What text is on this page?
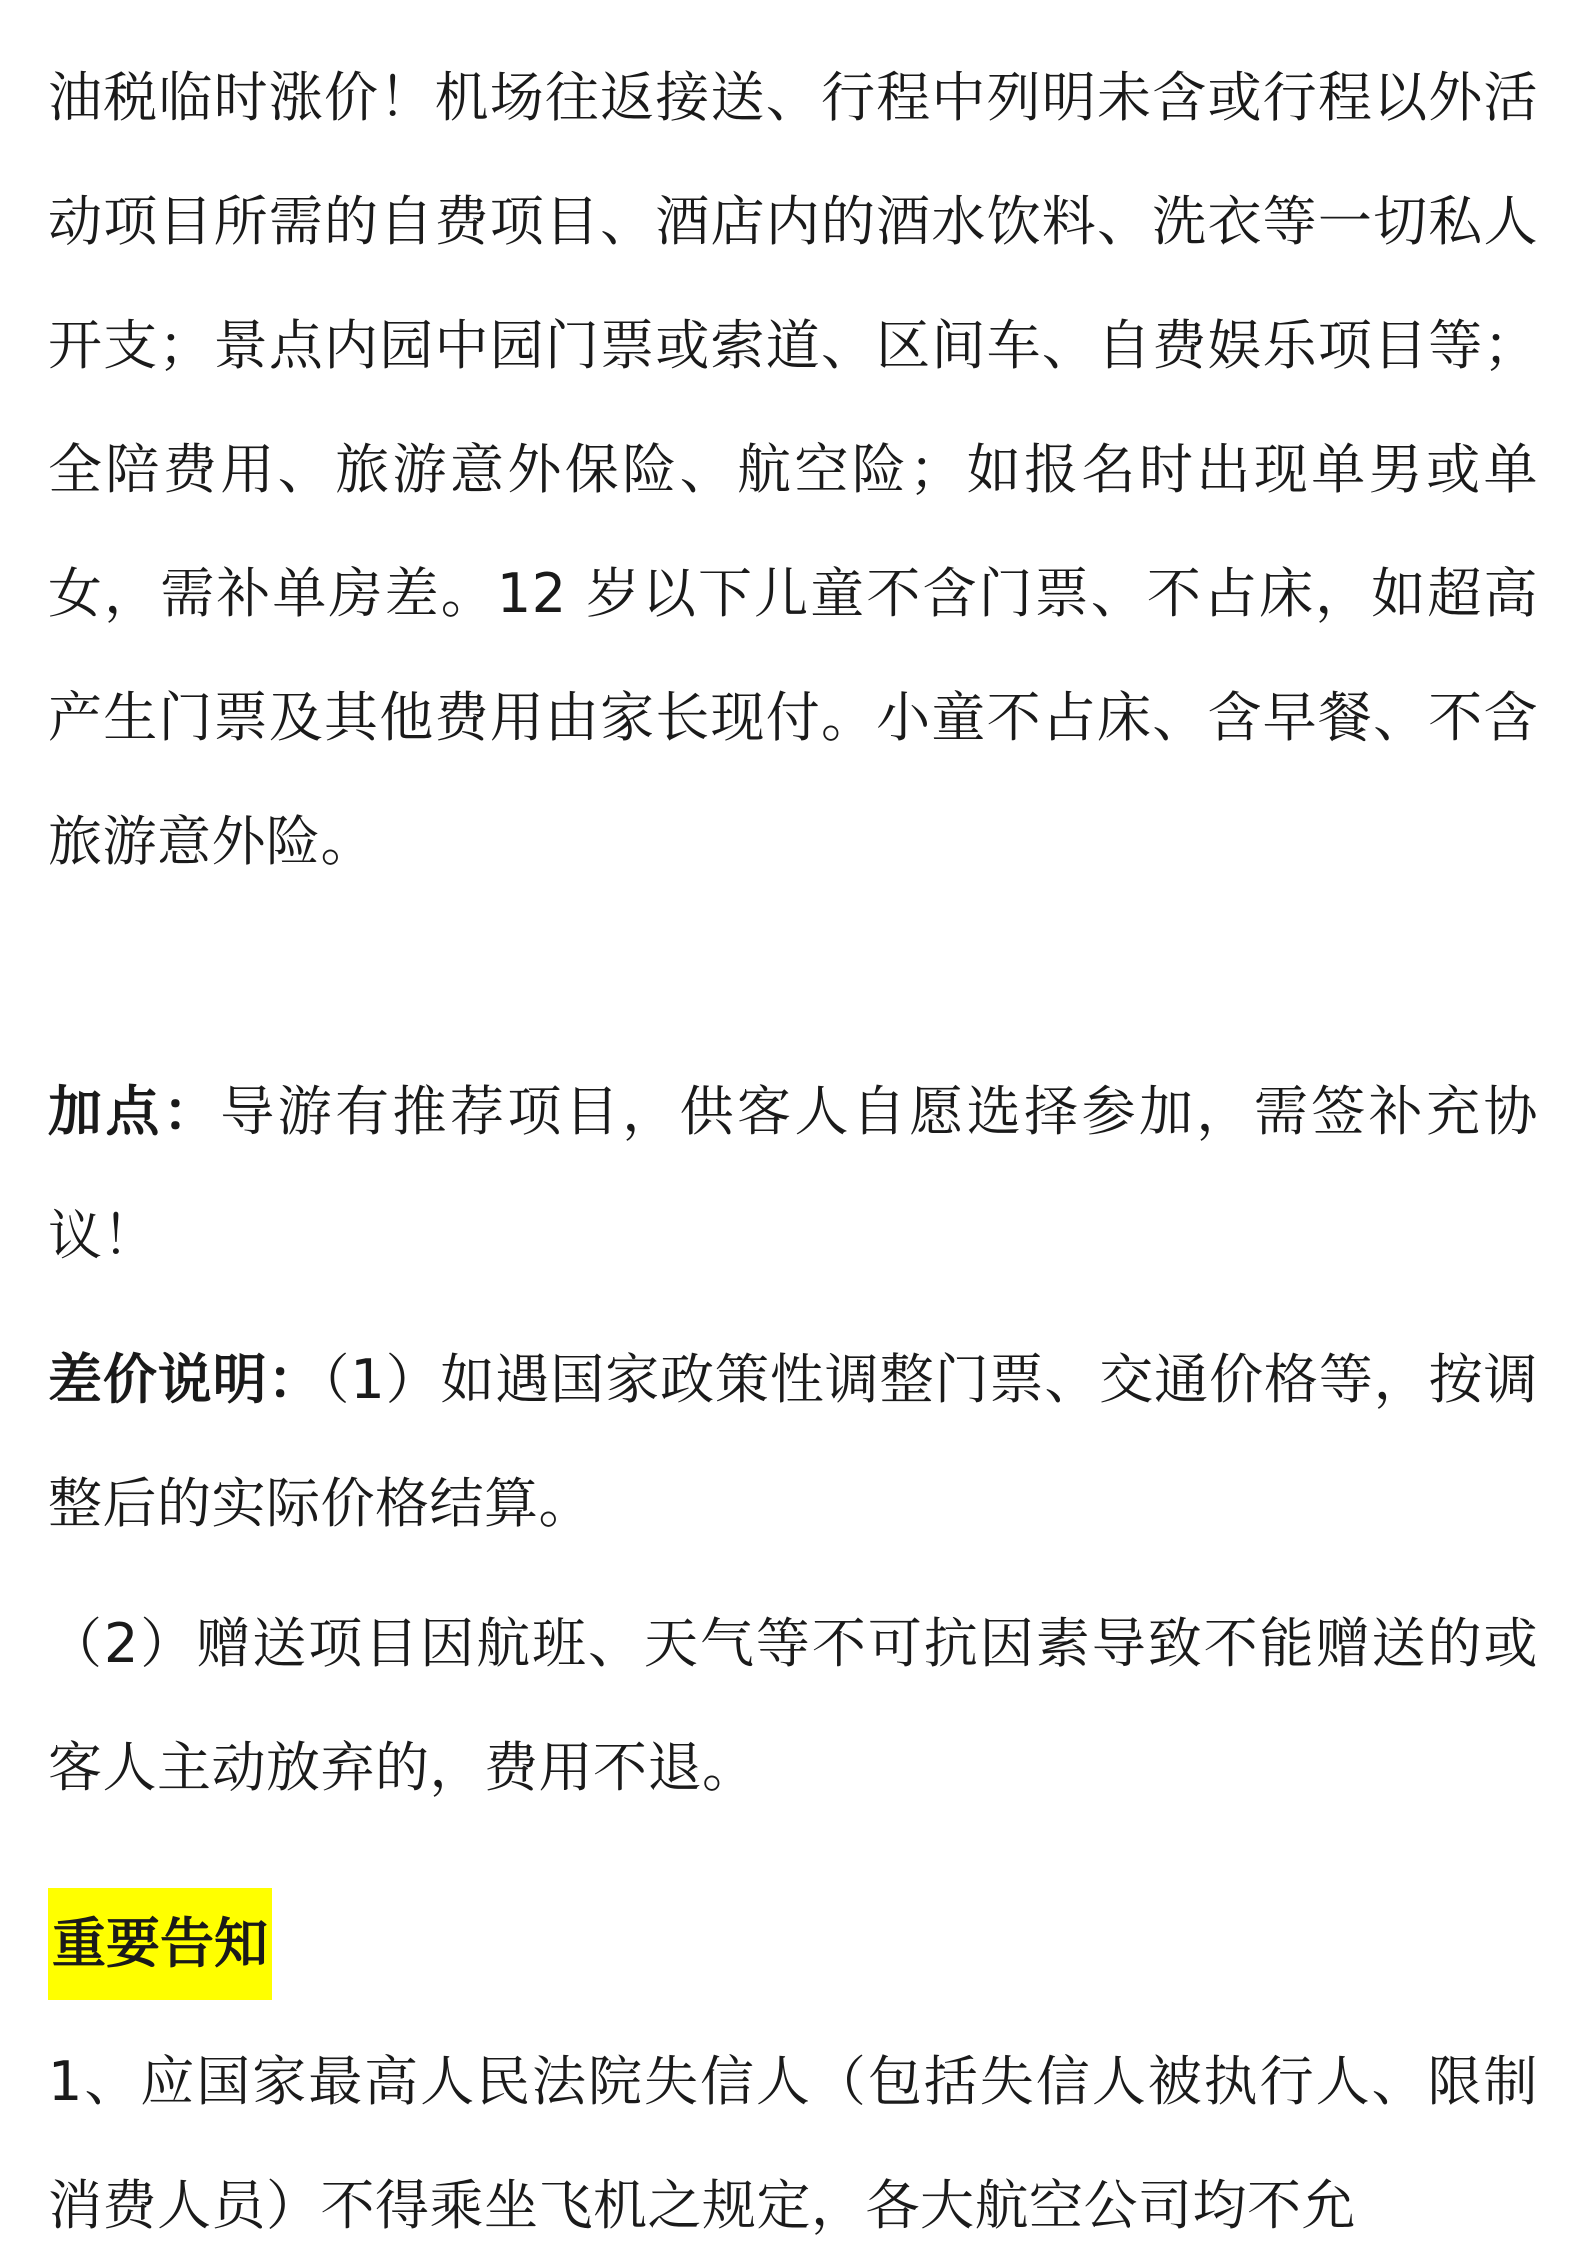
油税临时涨价！机场往返接送、行程中列明未含或行程以外活动项目所需的自费项目、酒店内的酒水饮料、洗衣等一切私人开支；景点内园中园门票或索道、区间车、自费娱乐项目等；全陪费用、旅游意外保险、航空险；如报名时出现单男或单女，需补单房差。12 岁以下儿童不含门票、不占床，如超高产生门票及其他费用由家长现付。小童不占床、含早餐、不含旅游意外险。

加点：导游有推荐项目，供客人自愿选择参加，需签补充协议！

差价说明：（1）如遇国家政策性调整门票、交通价格等，按调整后的实际价格结算。

（2）赠送项目因航班、天气等不可抗因素导致不能赠送的或客人主动放弃的，费用不退。

重要告知

1、应国家最高人民法院失信人（包括失信人被执行人、限制消费人员）不得乘坐飞机之规定，各大航空公司均不允
